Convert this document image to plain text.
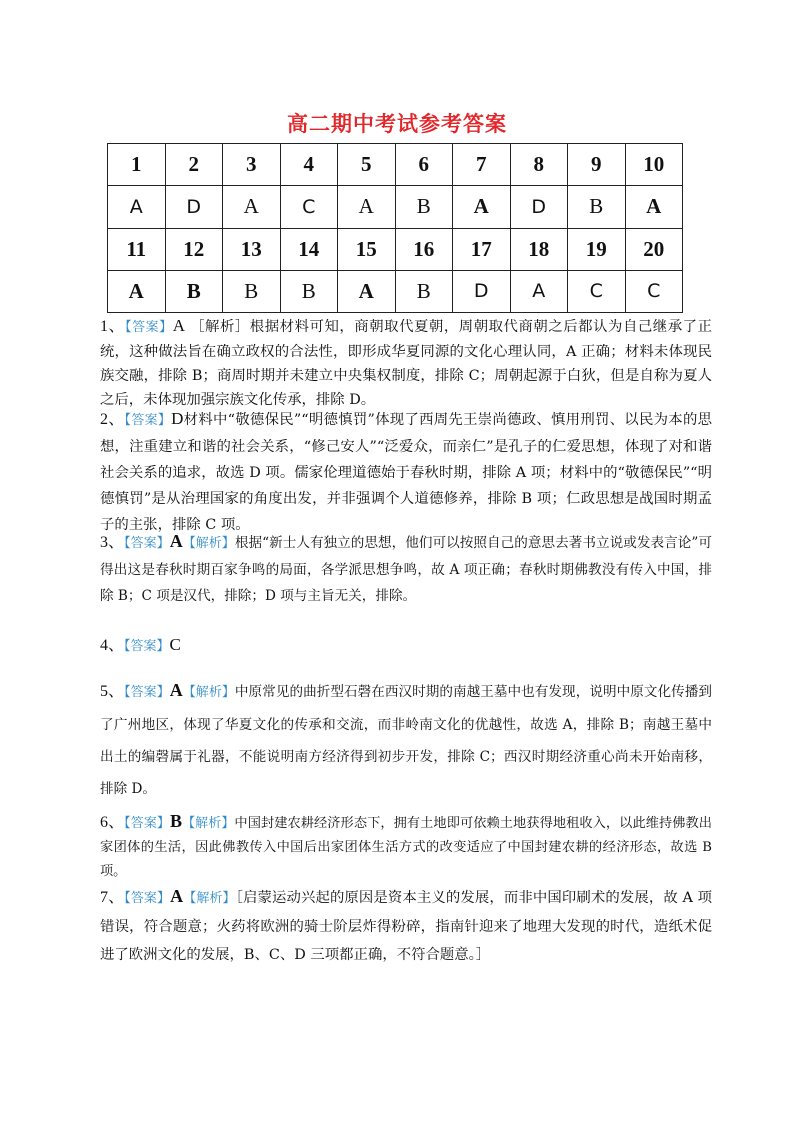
高二期中考试参考答案
1	2	3	4	5	6	7	8	9	10
A	D	A	C	A	B	A	D	B	A
11	12	13	14	15	16	17	18	19	20
A	B	B	B	A	B	D	A	C	C
1、【答案】A ［解析］根据材料可知，商朝取代夏朝，周朝取代商朝之后都认为自己继承了正统，这种做法旨在确立政权的合法性，即形成华夏同源的文化心理认同，A 正确；材料未体现民族交融，排除 B；商周时期并未建立中央集权制度，排除 C；周朝起源于白狄，但是自称为夏人之后，未体现加强宗族文化传承，排除 D。
2、【答案】D材料中“敬德保民”“明德慎罚”体现了西周先王崇尚德政、慎用刑罚、以民为本的思想，注重建立和谐的社会关系，“修己安人”“泛爱众，而亲仁”是孔子的仁爱思想，体现了对和谐社会关系的追求，故选 D 项。儒家伦理道德始于春秋时期，排除 A 项；材料中的“敬德保民”“明德慎罚”是从治理国家的角度出发，并非强调个人道德修养，排除 B 项；仁政思想是战国时期孟子的主张，排除 C 项。
3、【答案】A【解析】根据“新士人有独立的思想，他们可以按照自己的意思去著书立说或发表言论”可得出这是春秋时期百家争鸣的局面，各学派思想争鸣，故 A 项正确；春秋时期佛教没有传入中国，排除 B；C 项是汉代，排除；D 项与主旨无关，排除。
4、【答案】C
5、【答案】A【解析】中原常见的曲折型石磬在西汉时期的南越王墓中也有发现，说明中原文化传播到了广州地区，体现了华夏文化的传承和交流，而非岭南文化的优越性，故选 A，排除 B；南越王墓中出土的编磬属于礼器，不能说明南方经济得到初步开发，排除 C；西汉时期经济重心尚未开始南移，排除 D。
6、【答案】B【解析】中国封建农耕经济形态下，拥有土地即可依赖土地获得地租收入，以此维持佛教出家团体的生活，因此佛教传入中国后出家团体生活方式的改变适应了中国封建农耕的经济形态，故选 B 项。
7、【答案】A【解析】［启蒙运动兴起的原因是资本主义的发展，而非中国印刷术的发展，故 A 项错误，符合题意；火药将欧洲的骑士阶层炸得粉碎，指南针迎来了地理大发现的时代，造纸术促进了欧洲文化的发展，B、C、D 三项都正确，不符合题意。］
